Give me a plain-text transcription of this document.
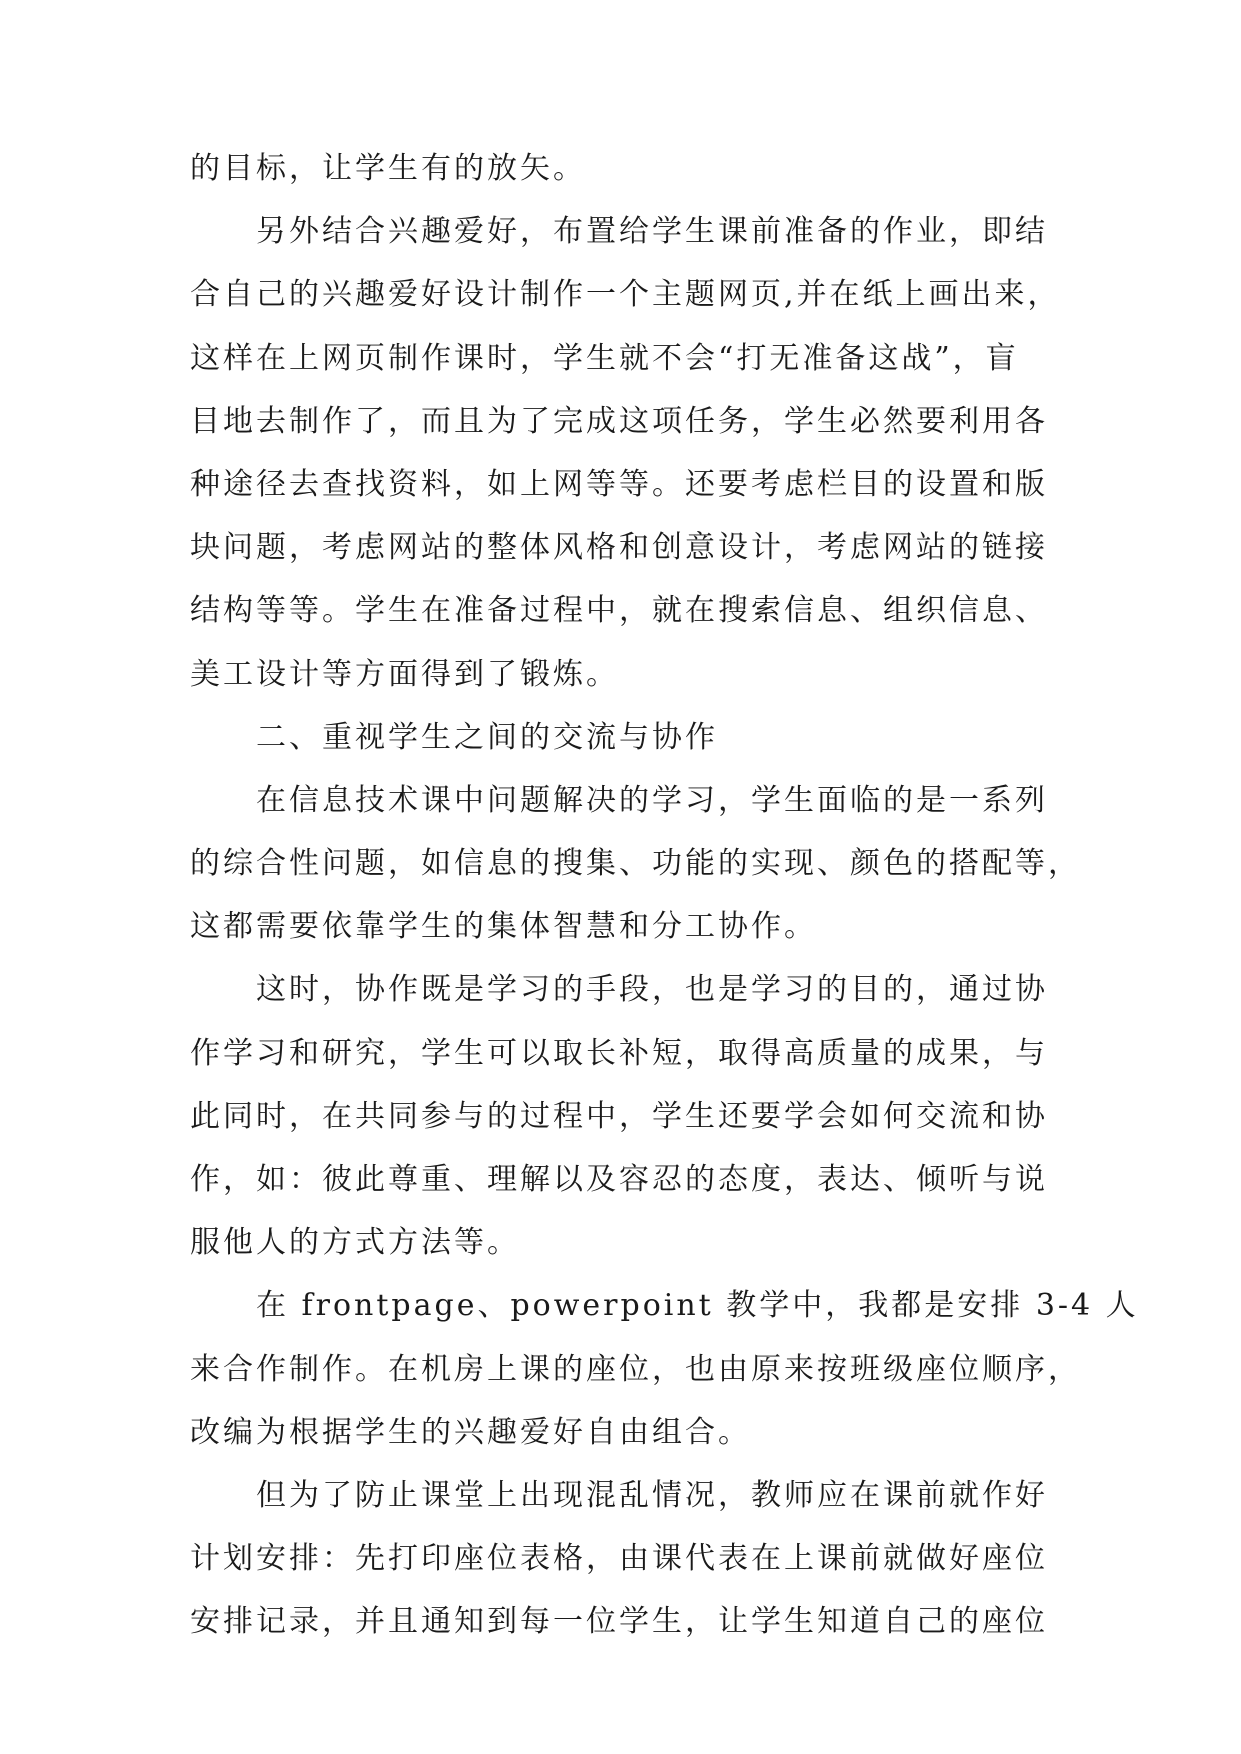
的目标，让学生有的放矢。
另外结合兴趣爱好，布置给学生课前准备的作业，即结
合自己的兴趣爱好设计制作一个主题网页,并在纸上画出来，
这样在上网页制作课时，学生就不会“打无准备这战”，盲
目地去制作了，而且为了完成这项任务，学生必然要利用各
种途径去查找资料，如上网等等。还要考虑栏目的设置和版
块问题，考虑网站的整体风格和创意设计，考虑网站的链接
结构等等。学生在准备过程中，就在搜索信息、组织信息、
美工设计等方面得到了锻炼。
二、重视学生之间的交流与协作
在信息技术课中问题解决的学习，学生面临的是一系列
的综合性问题，如信息的搜集、功能的实现、颜色的搭配等，
这都需要依靠学生的集体智慧和分工协作。
这时，协作既是学习的手段，也是学习的目的，通过协
作学习和研究，学生可以取长补短，取得高质量的成果，与
此同时，在共同参与的过程中，学生还要学会如何交流和协
作，如：彼此尊重、理解以及容忍的态度，表达、倾听与说
服他人的方式方法等。
在 frontpage、powerpoint 教学中，我都是安排 3-4 人
来合作制作。在机房上课的座位，也由原来按班级座位顺序，
改编为根据学生的兴趣爱好自由组合。
但为了防止课堂上出现混乱情况，教师应在课前就作好
计划安排：先打印座位表格，由课代表在上课前就做好座位
安排记录，并且通知到每一位学生，让学生知道自己的座位
